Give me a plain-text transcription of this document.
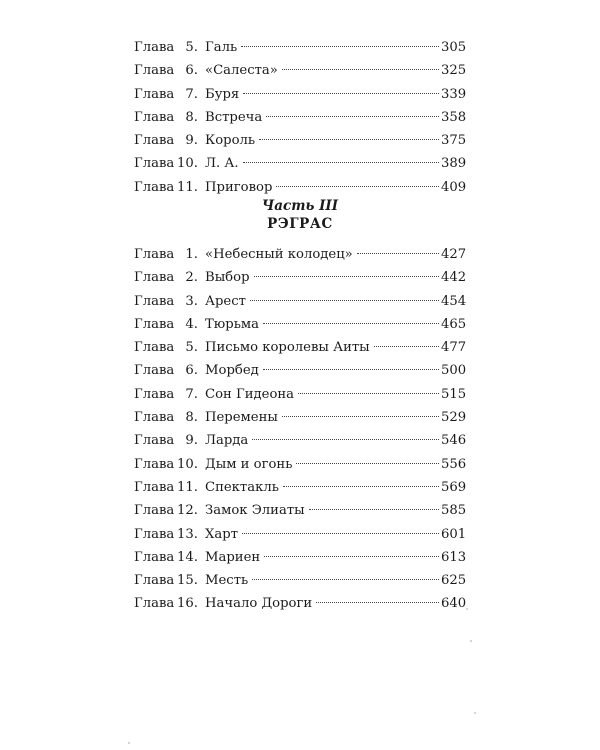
Глава 5. Галь	305
Глава 6. «Салеста»	325
Глава 7. Буря	339
Глава 8. Встреча	358
Глава 9. Король	375
Глава 10. Л. А.	389
Глава 11. Приговор	409
Часть III
РЭГРАС
Глава 1. «Небесный колодец»	427
Глава 2. Выбор	442
Глава 3. Арест	454
Глава 4. Тюрьма	465
Глава 5. Письмо королевы Аиты	477
Глава 6. Морбед	500
Глава 7. Сон Гидеона	515
Глава 8. Перемены	529
Глава 9. Ларда	546
Глава 10. Дым и огонь	556
Глава 11. Спектакль	569
Глава 12. Замок Элиаты	585
Глава 13. Харт	601
Глава 14. Мариен	613
Глава 15. Месть	625
Глава 16. Начало Дороги	640
